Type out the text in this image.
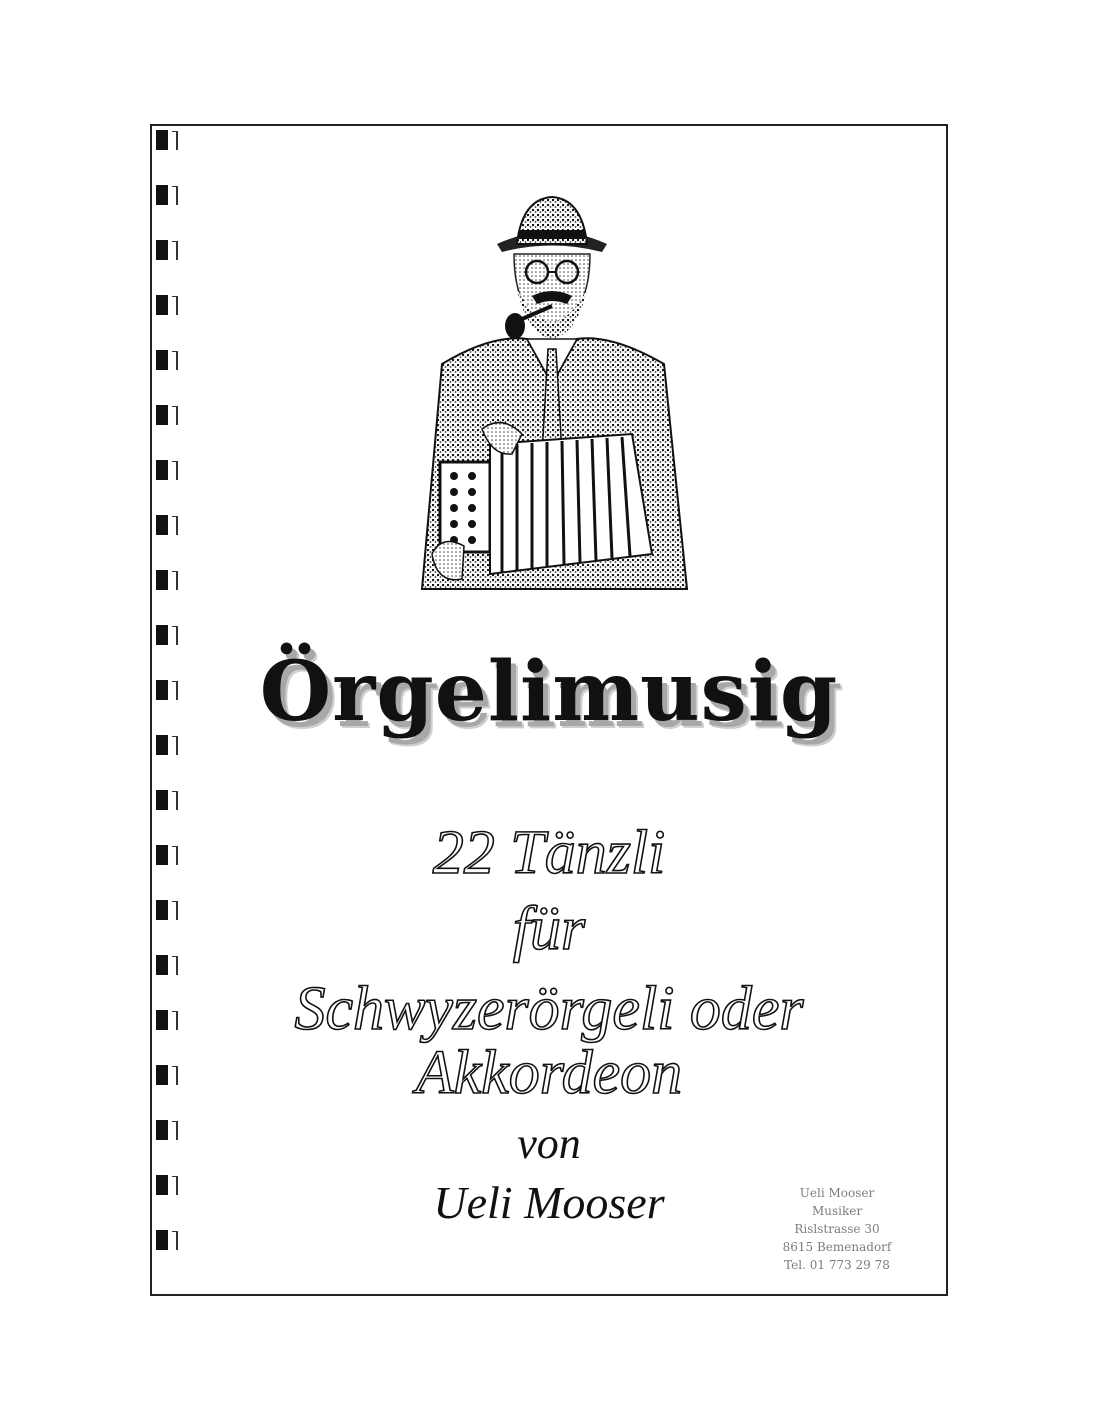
Örgelimusig
22 Tänzli
für
Schwyzerörgeli oder
Akkordeon
von
Ueli Mooser	Ueli Mooser
Musiker
Rislstrasse 30
8615 Bemenadorf
Tel. 01 773 29 78
